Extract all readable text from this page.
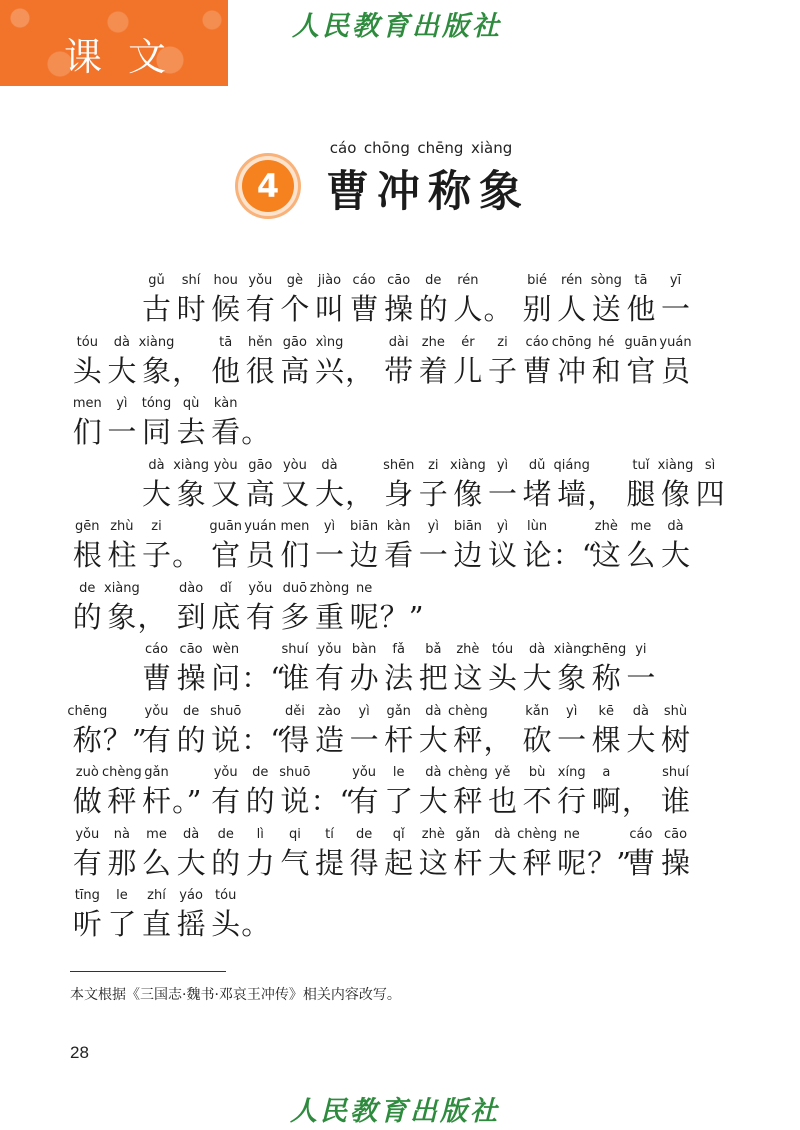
课文
人民教育出版社
4
cáo chōng chēng xiàng
曹冲称象
gǔ
古
shí
时
hou
候
yǒu
有
gè
个
jiào
叫
cáo
曹
cāo
操
de
的
rén
人 。
bié
别
rén
人
sòng
送
tā
他
yī
一
tóu
头
dà
大
xiàng
象 ，
tā
他
hěn
很
gāo
高
xìng
兴 ，
dài
带
zhe
着
ér
儿
zi
子
cáo
曹
chōng
冲
hé
和
guān
官
yuán
员
men
们
yì
一
tóng
同
qù
去
kàn
看 。
dà
大
xiàng
象
yòu
又
gāo
高
yòu
又
dà
大 ，
shēn
身
zi
子
xiàng
像
yì
一
dǔ
堵
qiáng
墙 ，
tuǐ
腿
xiàng
像
sì
四
gēn
根
zhù
柱
zi
子 。
guān
官
yuán
员
men
们
yì
一
biān
边
kàn
看
yì
一
biān
边
yì
议
lùn
论 ：“
zhè
这
me
么
dà
大
de
的
xiàng
象 ，
dào
到
dǐ
底
yǒu
有
duō
多
zhòng
重
ne
呢 ？”
cáo
曹
cāo
操
wèn
问 ：“
shuí
谁
yǒu
有
bàn
办
fǎ
法
bǎ
把
zhè
这
tóu
头
dà
大
xiàng
象
chēng
称
yi
一
chēng
称 ？”
yǒu
有
de
的
shuō
说 ：“
děi
得
zào
造
yì
一
gǎn
杆
dà
大
chèng
秤 ，
kǎn
砍
yì
一
kē
棵
dà
大
shù
树
zuò
做
chèng
秤
gǎn
杆 。”
yǒu
有
de
的
shuō
说 ：“
yǒu
有
le
了
dà
大
chèng
秤
yě
也
bù
不
xíng
行
a
啊 ，
shuí
谁
yǒu
有
nà
那
me
么
dà
大
de
的
lì
力
qi
气
tí
提
de
得
qǐ
起
zhè
这
gǎn
杆
dà
大
chèng
秤
ne
呢 ？”
cáo
曹
cāo
操
tīng
听
le
了
zhí
直
yáo
摇
tóu
头 。
本文根据《三国志·魏书·邓哀王冲传》相关内容改写。
28
人民教育出版社
